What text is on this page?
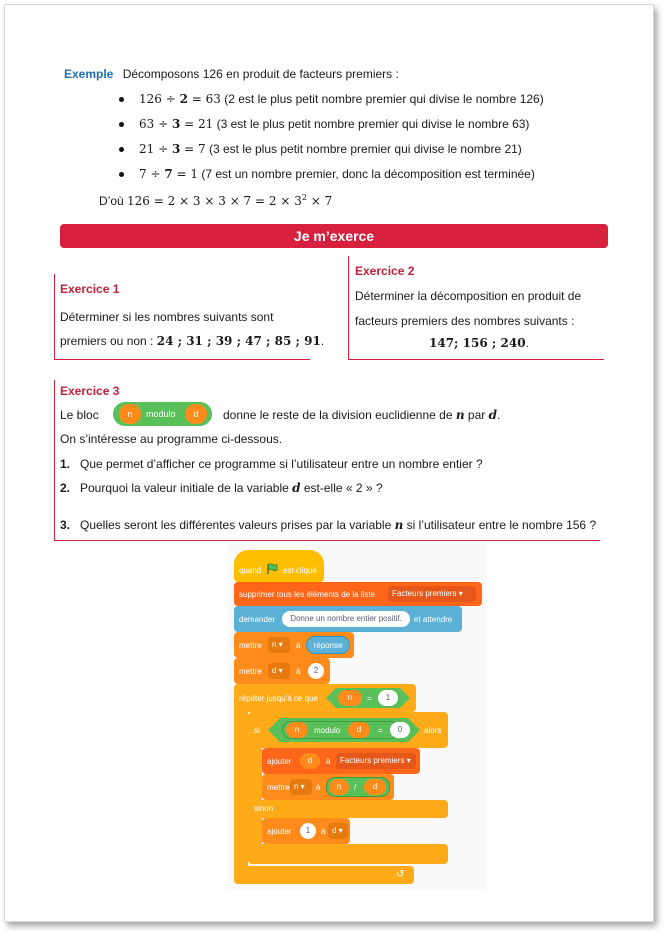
Exemple Décomposons 126 en produit de facteurs premiers :
126 ÷ 2 = 63 (2 est le plus petit nombre premier qui divise le nombre 126)
63 ÷ 3 = 21 (3 est le plus petit nombre premier qui divise le nombre 63)
21 ÷ 3 = 7 (3 est le plus petit nombre premier qui divise le nombre 21)
7 ÷ 7 = 1 (7 est un nombre premier, donc la décomposition est terminée)
D’où $126 = 2 \times 3 \times 3 \times 7 = 2 \times 3^2 \times 7$
Je m’exerce
Exercice 1
Déterminer si les nombres suivants sont
premiers ou non : 24 ; 31 ; 39 ; 47 ; 85 ; 91.
Exercice 2
Déterminer la décomposition en produit de
facteurs premiers des nombres suivants :
147; 156 ; 240.
Exercice 3
Le bloc	n	modulo	d	donne le reste de la division euclidienne de n par d.
On s’intéresse au programme ci-dessous.
1. Que permet d’afficher ce programme si l’utilisateur entre un nombre entier ?
2. Pourquoi la valeur initiale de la variable d est-elle « 2 » ?
3. Quelles seront les différentes valeurs prises par la variable n si l’utilisateur entre le nombre 156 ?
quand	est cliqué
supprimer tous les éléments de la liste	Facteurs premiers ▾
demander	Donne un nombre entier positif.	et attendre
mettre	n ▾	à	réponse
mettre	d ▾	à	2
répéter jusqu'à ce que	n	=	1
↺
si	n	modulo	d	=	0	alors
ajouter	d	à	Facteurs premiers ▾
mettre n ▾	à	n	/	d
sinon
ajouter	1	à d ▾
